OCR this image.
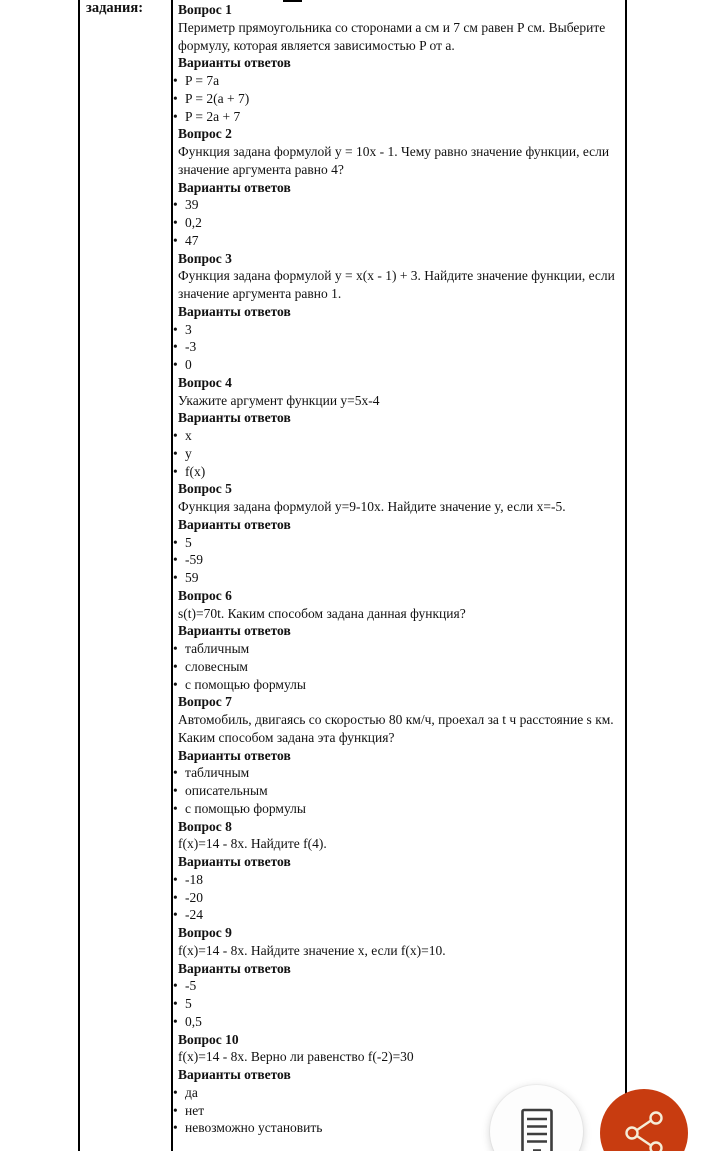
задания:	Вопрос 1
Периметр прямоугольника со сторонами a см и 7 см равен P см. Выберите формулу, которая является зависимостью P от a.
Варианты ответов
• P = 7a
• P = 2(a + 7)
• P = 2a + 7
Вопрос 2
Функция задана формулой y = 10x - 1. Чему равно значение функции, если значение аргумента равно 4?
Варианты ответов
• 39
• 0,2
• 47
Вопрос 3
Функция задана формулой y = x(x - 1) + 3. Найдите значение функции, если значение аргумента равно 1.
Варианты ответов
• 3
• -3
• 0
Вопрос 4
Укажите аргумент функции y=5x-4
Варианты ответов
• x
• y
• f(x)
Вопрос 5
Функция задана формулой y=9-10x. Найдите значение y, если x=-5.
Варианты ответов
• 5
• -59
• 59
Вопрос 6
s(t)=70t. Каким способом задана данная функция?
Варианты ответов
• табличным
• словесным
• с помощью формулы
Вопрос 7
Автомобиль, двигаясь со скоростью 80 км/ч, проехал за t ч расстояние s км. Каким способом задана эта функция?
Варианты ответов
• табличным
• описательным
• с помощью формулы
Вопрос 8
f(x)=14 - 8x. Найдите f(4).
Варианты ответов
• -18
• -20
• -24
Вопрос 9
f(x)=14 - 8x. Найдите значение x, если f(x)=10.
Варианты ответов
• -5
• 5
• 0,5
Вопрос 10
f(x)=14 - 8x. Верно ли равенство f(-2)=30
Варианты ответов
• да
• нет
• невозможно установить
